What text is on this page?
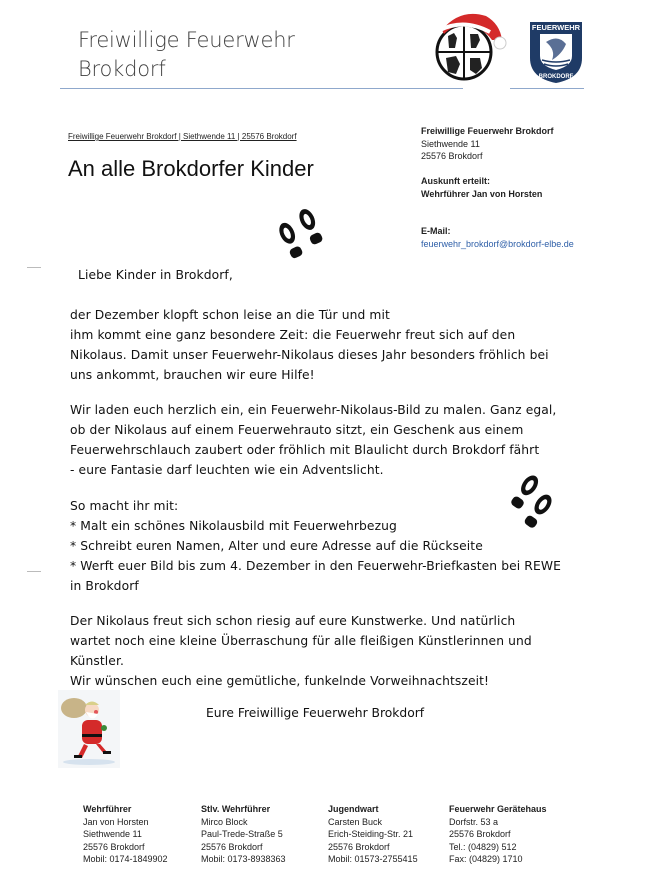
Freiwillige Feuerwehr
Brokdorf
FEUERWEHR
BROKDORF
Freiwillige Feuerwehr Brokdorf | Siethwende 11 | 25576 Brokdorf
An alle Brokdorfer Kinder
Freiwillige Feuerwehr Brokdorf
Siethwende 11
25576 Brokdorf
Auskunft erteilt:
Wehrführer Jan von Horsten
E-Mail:
feuerwehr_brokdorf@brokdorf-elbe.de
Liebe Kinder in Brokdorf,
der Dezember klopft schon leise an die Tür und mit
ihm kommt eine ganz besondere Zeit: die Feuerwehr freut sich auf den
Nikolaus. Damit unser Feuerwehr-Nikolaus dieses Jahr besonders fröhlich bei
uns ankommt, brauchen wir eure Hilfe!
Wir laden euch herzlich ein, ein Feuerwehr-Nikolaus-Bild zu malen. Ganz egal,
ob der Nikolaus auf einem Feuerwehrauto sitzt, ein Geschenk aus einem
Feuerwehrschlauch zaubert oder fröhlich mit Blaulicht durch Brokdorf fährt
- eure Fantasie darf leuchten wie ein Adventslicht.
So macht ihr mit:
* Malt ein schönes Nikolausbild mit Feuerwehrbezug
* Schreibt euren Namen, Alter und eure Adresse auf die Rückseite
* Werft euer Bild bis zum 4. Dezember in den Feuerwehr-Briefkasten bei REWE
in Brokdorf
Der Nikolaus freut sich schon riesig auf eure Kunstwerke. Und natürlich
wartet noch eine kleine Überraschung für alle fleißigen Künstlerinnen und
Künstler.
Wir wünschen euch eine gemütliche, funkelnde Vorweihnachtszeit!
Eure Freiwillige Feuerwehr Brokdorf
Wehrführer
Jan von Horsten
Siethwende 11
25576 Brokdorf
Mobil: 0174-1849902
Stlv. Wehrführer
Mirco Block
Paul-Trede-Straße 5
25576 Brokdorf
Mobil: 0173-8938363
Jugendwart
Carsten Buck
Erich-Steiding-Str. 21
25576 Brokdorf
Mobil: 01573-2755415
Feuerwehr Gerätehaus
Dorfstr. 53 a
25576 Brokdorf
Tel.: (04829) 512
Fax: (04829) 1710
